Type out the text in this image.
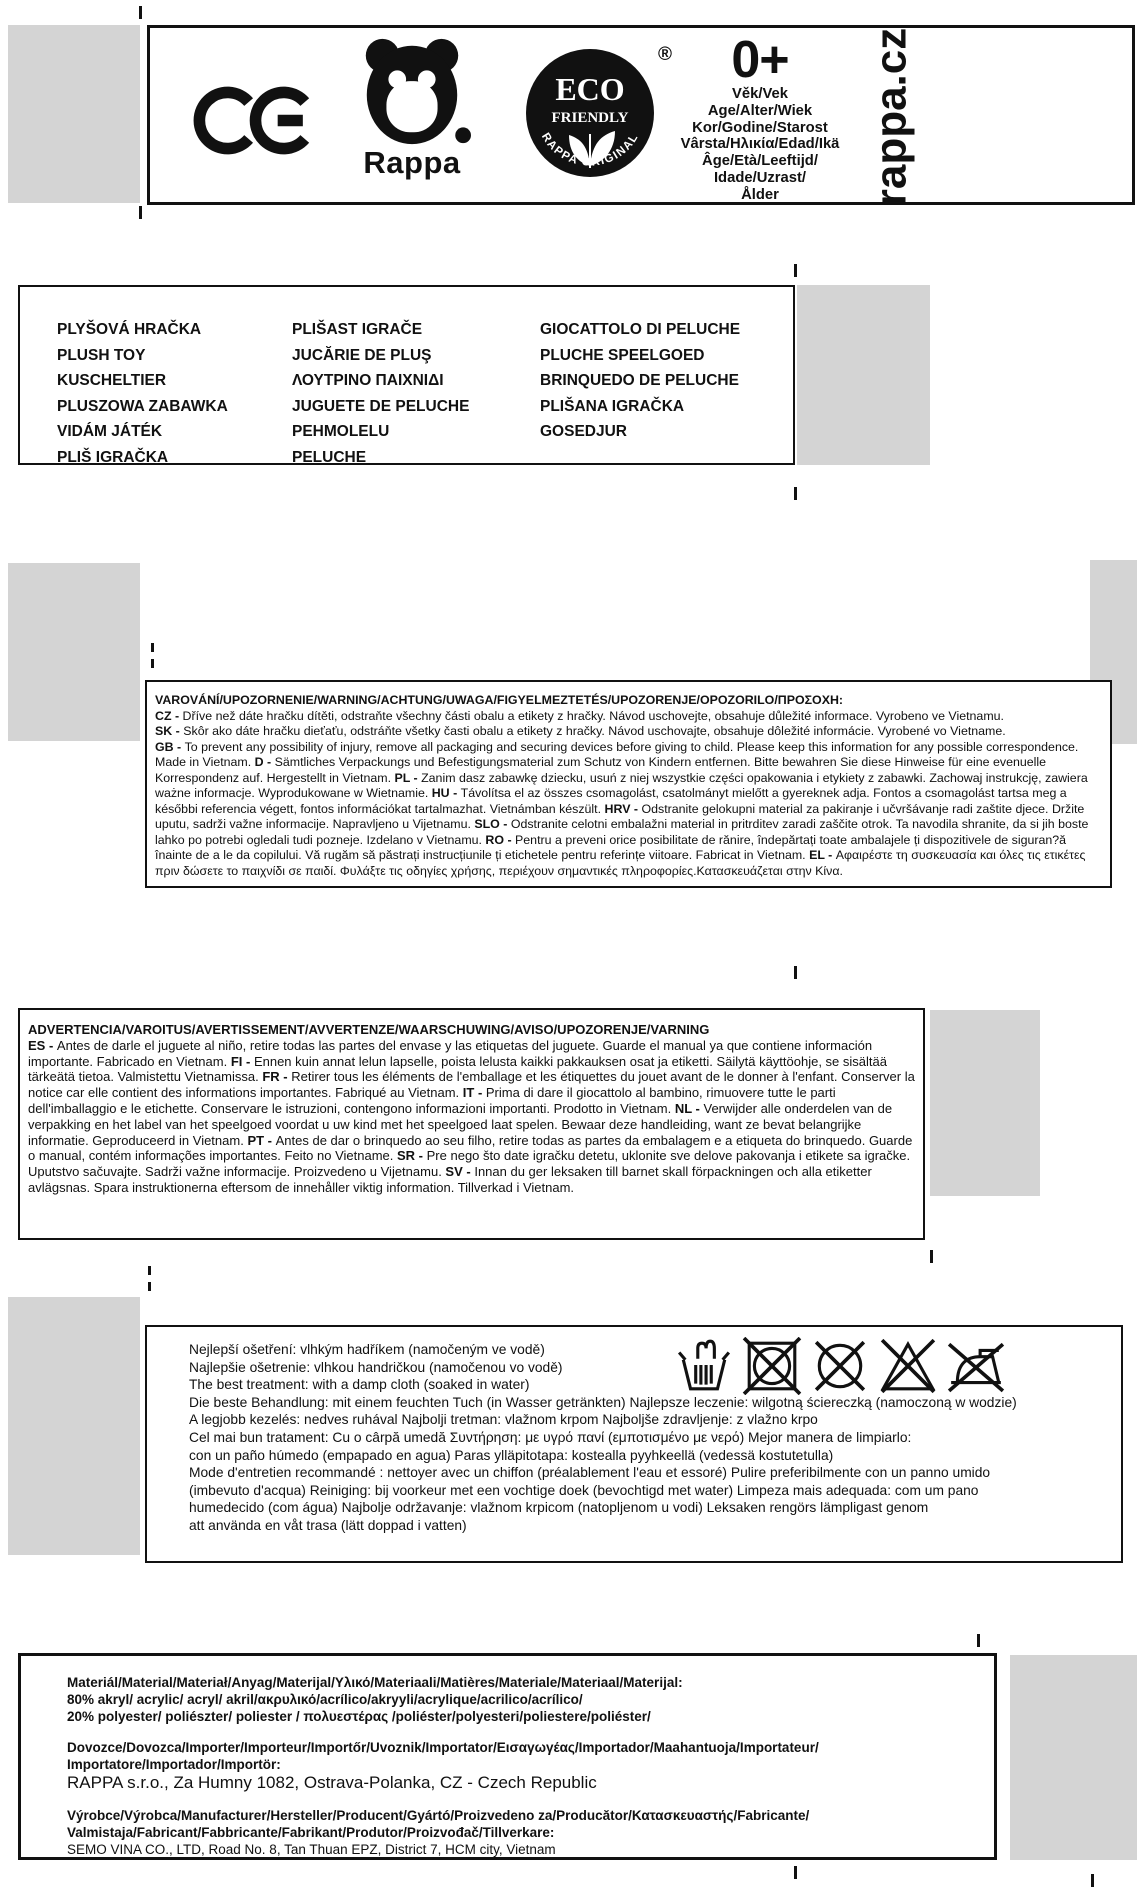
Rappa
ECO
FRIENDLY
RAPPA ORIGINAL
®	0+
Věk/Vek
Age/Alter/Wiek
Kor/Godine/Starost
Vârsta/Ηλικία/Edad/Ikä
Âge/Età/Leeftijd/
Idade/Uzrast/
Ålder	rappa.cz
PLYŠOVÁ HRAČKA
PLUSH TOY
KUSCHELTIER
PLUSZOWA ZABAWKA
VIDÁM JÁTÉK
PLIŠ IGRAČKA
PLIŠAST IGRAČE
JUCĂRIE DE PLUŞ
ΛΟΥΤΡΙΝΟ ΠΑΙΧΝΙΔΙ
JUGUETE DE PELUCHE
PEHMOLELU
PELUCHE
GIOCATTOLO DI PELUCHE
PLUCHE SPEELGOED
BRINQUEDO DE PELUCHE
PLIŠANA IGRAČKA
GOSEDJUR
VAROVÁNÍ/UPOZORNENIE/WARNING/ACHTUNG/UWAGA/FIGYELMEZTETÉS/UPOZORENJE/OPOZORILO/ΠΡΟΣΟΧΗ:
CZ - Dříve než dáte hračku dítěti, odstraňte všechny části obalu a etikety z hračky. Návod uschovejte, obsahuje důležité informace. Vyrobeno ve Vietnamu.
SK - Skôr ako dáte hračku dieťaťu, odstráňte všetky časti obalu a etikety z hračky. Návod uschovajte, obsahuje dôležité informácie. Vyrobené vo Vietname.
GB - To prevent any possibility of injury, remove all packaging and securing devices before giving to child. Please keep this information for any possible correspondence. Made in Vietnam. D - Sämtliches Verpackungs und Befestigungsmaterial zum Schutz von Kindern entfernen. Bitte bewahren Sie diese Hinweise für eine evenuelle Korrespondenz auf. Hergestellt in Vietnam. PL - Zanim dasz zabawkę dziecku, usuń z niej wszystkie części opakowania i etykiety z zabawki. Zachowaj instrukcję, zawiera ważne informacje. Wyprodukowane w Wietnamie. HU - Távolítsa el az összes csomagolást, csatolmányt mielőtt a gyereknek adja. Fontos a csomagolást tartsa meg a későbbi referencia végett, fontos információkat tartalmazhat. Vietnámban készült. HRV - Odstranite gelokupni material za pakiranje i učvršávanje radi zaštite djece. Držite uputu, sadrži važne informacije. Napravljeno u Vijetnamu. SLO - Odstranite celotni embalažni material in pritrditev zaradi zaščite otrok. Ta navodila shranite, da si jih boste lahko po potrebi ogledali tudi pozneje. Izdelano v Vietnamu. RO - Pentru a preveni orice posibilitate de rănire, îndepărtați toate ambalajele ți dispozitivele de siguran?ă înainte de a le da copilului. Vă rugăm să păstrați instrucțiunile ți etichetele pentru referințe viitoare. Fabricat in Vietnam. EL - Αφαιρέστε τη συσκευασία και όλες τις ετικέτες πριν δώσετε το παιχνίδι σε παιδί. Φυλάξτε τις οδηγίες χρήσης, περιέχουν σημαντικές πληροφορίες.Κατασκευάζεται στην Κίνα.
ADVERTENCIA/VAROITUS/AVERTISSEMENT/AVVERTENZE/WAARSCHUWING/AVISO/UPOZORENJE/VARNING
ES - Antes de darle el juguete al niño, retire todas las partes del envase y las etiquetas del juguete. Guarde el manual ya que contiene información importante. Fabricado en Vietnam. FI - Ennen kuin annat lelun lapselle, poista lelusta kaikki pakkauksen osat ja etiketti. Säilytä käyttöohje, se sisältää tärkeätä tietoa. Valmistettu Vietnamissa. FR - Retirer tous les éléments de l'emballage et les étiquettes du jouet avant de le donner à l'enfant. Conserver la notice car elle contient des informations importantes. Fabriqué au Vietnam. IT - Prima di dare il giocattolo al bambino, rimuovere tutte le parti dell'imballaggio e le etichette. Conservare le istruzioni, contengono informazioni importanti. Prodotto in Vietnam. NL - Verwijder alle onderdelen van de verpakking en het label van het speelgoed voordat u uw kind met het speelgoed laat spelen. Bewaar deze handleiding, want ze bevat belangrijke informatie. Geproduceerd in Vietnam. PT - Antes de dar o brinquedo ao seu filho, retire todas as partes da embalagem e a etiqueta do brinquedo. Guarde o manual, contém informações importantes. Feito no Vietname. SR - Pre nego što date igračku detetu, uklonite sve delove pakovanja i etikete sa igračke. Uputstvo sačuvajte. Sadrži važne informacije. Proizvedeno u Vijetnamu. SV - Innan du ger leksaken till barnet skall förpackningen och alla etiketter avlägsnas. Spara instruktionerna eftersom de innehåller viktig information. Tillverkad i Vietnam.
Nejlepší ošetření: vlhkým hadříkem (namočeným ve vodě)
Najlepšie ošetrenie: vlhkou handričkou (namočenou vo vodě)
The best treatment: with a damp cloth (soaked in water)
Die beste Behandlung: mit einem feuchten Tuch (in Wasser getränkten) Najlepsze leczenie: wilgotną ściereczką (namoczoną w wodzie)
A legjobb kezelés: nedves ruhával Najbolji tretman: vlažnom krpom Najboljše zdravljenje: z vlažno krpo
Cel mai bun tratament: Cu o cârpă umedă Συντήρηση: με υγρό πανί (εμποτισμένο με νερό) Mejor manera de limpiarlo:
con un paño húmedo (empapado en agua) Paras ylläpitotapa: kostealla pyyhkeellä (vedessä kostutetulla)
Mode d'entretien recommandé : nettoyer avec un chiffon (préalablement l'eau et essoré) Pulire preferibilmente con un panno umido
(imbevuto d'acqua) Reiniging: bij voorkeur met een vochtige doek (bevochtigd met water) Limpeza mais adequada: com um pano
humedecido (com água) Najbolje održavanje: vlažnom krpicom (natopljenom u vodi) Leksaken rengörs lämpligast genom
att använda en våt trasa (lätt doppad i vatten)
Materiál/Material/Materiał/Anyag/Materijal/Υλικό/Materiaali/Matières/Materiale/Materiaal/Materijal:
80% akryl/ acrylic/ acryl/ akril/ακρυλικό/acrílico/akryyli/acrylique/acrilico/acrílico/
20% polyester/ poliészter/ poliester / πολυεστέρας /poliéster/polyesteri/poliestere/poliéster/
Dovozce/Dovozca/Importer/Importeur/Importőr/Uvoznik/Importator/Εισαγωγέας/Importador/Maahantuoja/Importateur/
Importatore/Importador/Importör:
RAPPA s.r.o., Za Humny 1082, Ostrava-Polanka, CZ - Czech Republic
Výrobce/Výrobca/Manufacturer/Hersteller/Producent/Gyártó/Proizvedeno za/Producător/Κατασκευαστής/Fabricante/
Valmistaja/Fabricant/Fabbricante/Fabrikant/Produtor/Proizvođač/Tillverkare:
SEMO VINA CO., LTD, Road No. 8, Tan Thuan EPZ, District 7, HCM city, Vietnam
